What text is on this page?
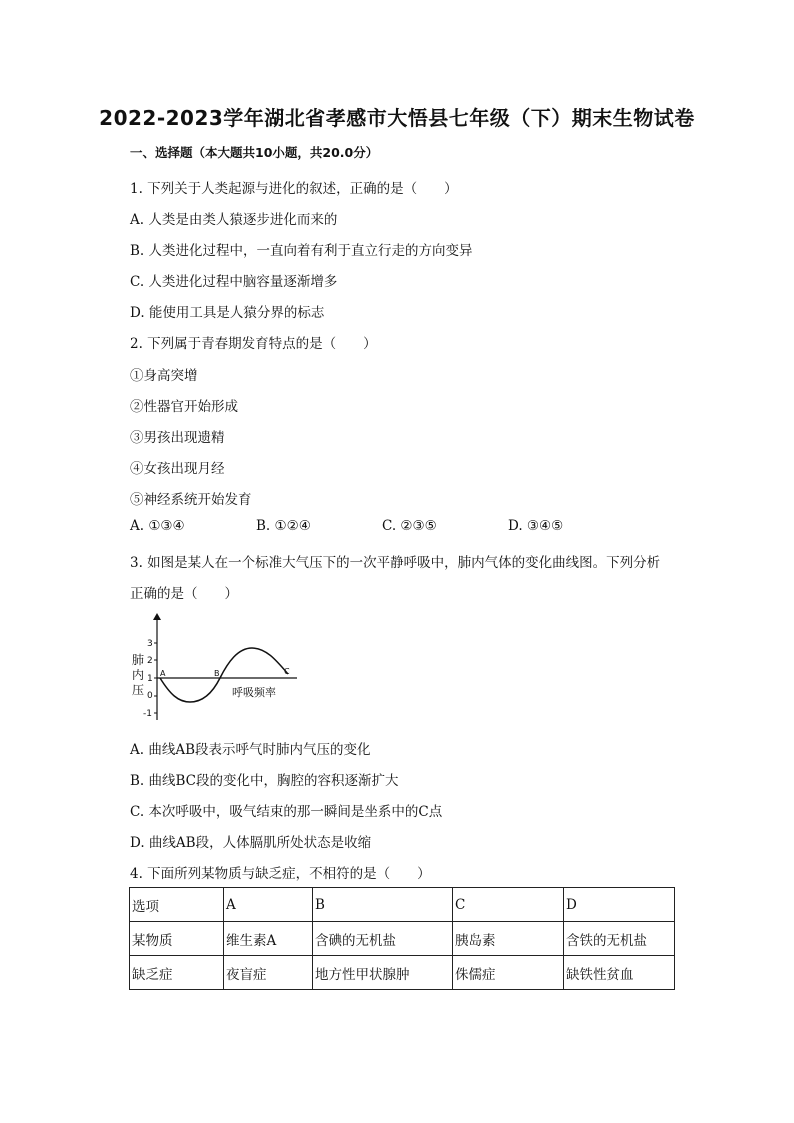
2022-2023学年湖北省孝感市大悟县七年级（下）期末生物试卷
一、选择题（本大题共10小题，共20.0分）
1. 下列关于人类起源与进化的叙述，正确的是（　　）
A. 人类是由类人猿逐步进化而来的
B. 人类进化过程中，一直向着有利于直立行走的方向变异
C. 人类进化过程中脑容量逐渐增多
D. 能使用工具是人猿分界的标志
2. 下列属于青春期发育特点的是（　　）
①身高突增
②性器官开始形成
③男孩出现遗精
④女孩出现月经
⑤神经系统开始发育
A. ①③④	B. ①②④	C. ②③⑤	D. ③④⑤
3. 如图是某人在一个标准大气压下的一次平静呼吸中，肺内气体的变化曲线图。下列分析
正确的是（　　）
3
2
1
0
-1
肺
内
压
A	B	C
呼吸频率
A. 曲线AB段表示呼气时肺内气压的变化
B. 曲线BC段的变化中，胸腔的容积逐渐扩大
C. 本次呼吸中，吸气结束的那一瞬间是坐系中的C点
D. 曲线AB段，人体膈肌所处状态是收缩
4. 下面所列某物质与缺乏症，不相符的是（　　）
选项	A	B	C	D
某物质	维生素A	含碘的无机盐	胰岛素	含铁的无机盐
缺乏症	夜盲症	地方性甲状腺肿	侏儒症	缺铁性贫血
